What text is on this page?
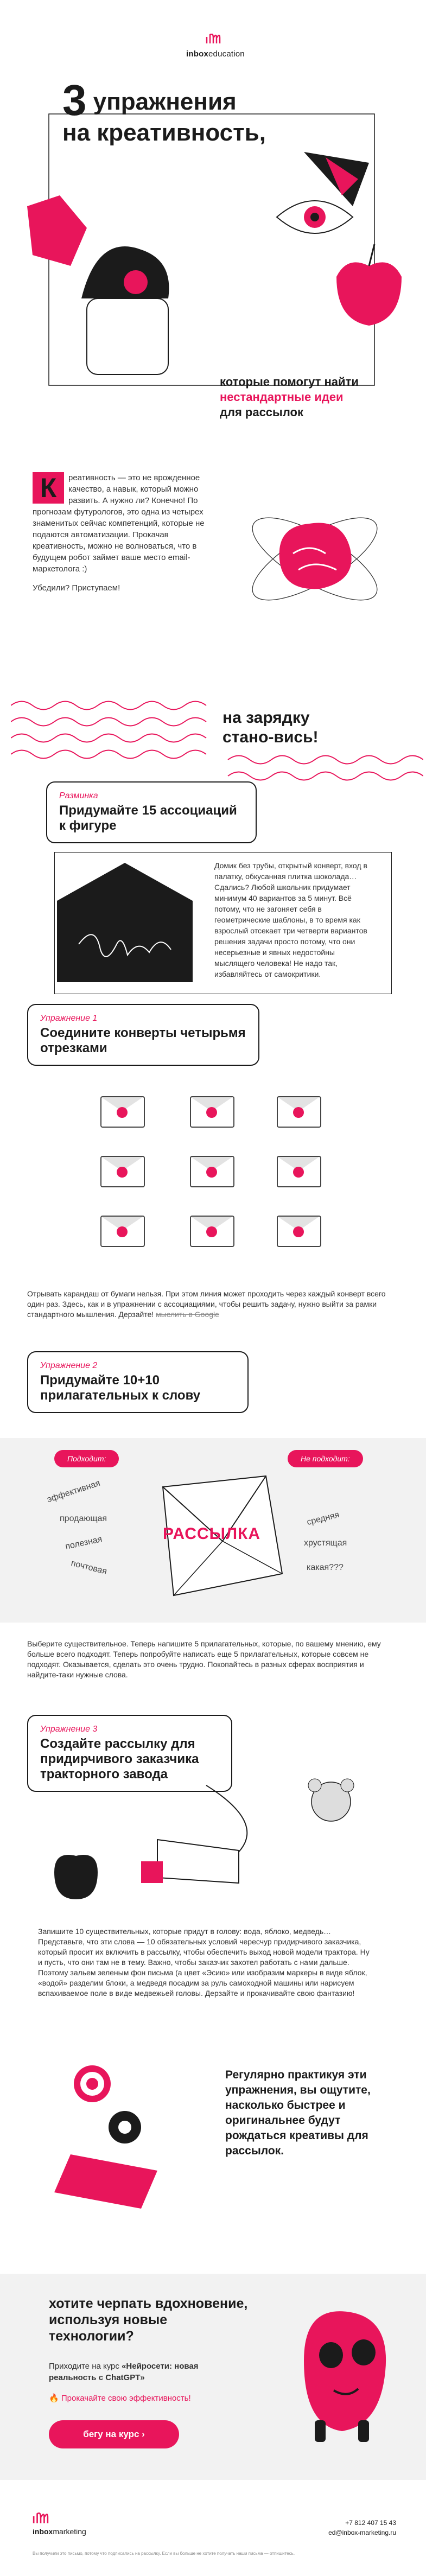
inboxeducation
3 упражнения
на креативность,
которые помогут найти
нестандартные идеи
для рассылок
К	реативность — это не врожденное качество, а навык, который можно развить. А нужно ли? Конечно! По прогнозам футурологов, это одна из четырех знаменитых сейчас компетенций, которые не подаются автоматизации. Прокачав креативность, можно не волноваться, что в будущем робот займет ваше место email-маркетолога :)
Убедили? Приступаем!
на зарядку
стано-вись!
Разминка
Придумайте 15 ассоциаций к фигуре
Домик без трубы, открытый конверт, вход в палатку, обкусанная плитка шоколада… Сдались? Любой школьник придумает минимум 40 вариантов за 5 минут. Всё потому, что не загоняет себя в геометрические шаблоны, в то время как взрослый отсекает три четверти вариантов решения задачи просто потому, что они несерьезные и явных недостойны мыслящего человека! Не надо так, избавляйтесь от самокритики.
Упражнение 1
Соедините конверты четырьмя отрезками
Отрывать карандаш от бумаги нельзя. При этом линия может проходить через каждый конверт всего один раз. Здесь, как и в упражнении с ассоциациями, чтобы решить задачу, нужно выйти за рамки стандартного мышления. Дерзайте! мыслить в Google
Упражнение 2
Придумайте 10+10 прилагательных к слову
Подходит:	Не подходит:
РАССЫЛКА
эффективная
продающая
полезная
почтовая
средняя
хрустящая
какая???
Выберите существительное. Теперь напишите 5 прилагательных, которые, по вашему мнению, ему больше всего подходят. Теперь попробуйте написать еще 5 прилагательных, которые совсем не подходят. Оказывается, сделать это очень трудно. Покопайтесь в разных сферах восприятия и найдите-таки нужные слова.
Упражнение 3
Создайте рассылку для придирчивого заказчика тракторного завода
Запишите 10 существительных, которые придут в голову: вода, яблоко, медведь… Представьте, что эти слова — 10 обязательных условий чересчур придирчивого заказчика, который просит их включить в рассылку, чтобы обеспечить выход новой модели трактора. Ну и пусть, что они там не в тему. Важно, чтобы заказчик захотел работать с нами дальше. Поэтому зальем зеленым фон письма (а цвет «Эсию» или изобразим маркеры в виде яблок, «водой» разделим блоки, а медведя посадим за руль самоходной машины или нарисуем вспахиваемое поле в виде медвежьей головы. Дерзайте и прокачивайте свою фантазию!
Регулярно практикуя эти упражнения, вы ощутите, насколько быстрее и оригинальнее будут рождаться креативы для рассылок.
хотите черпать вдохновение, используя новые технологии?
Приходите на курс «Нейросети: новая реальность с ChatGPT»
🔥 Прокачайте свою эффективность!
бегу на курс ›
inboxmarketing
+7 812 407 15 43
ed@inbox-marketing.ru
Вы получили это письмо, потому что подписались на рассылку. Если вы больше не хотите получать наши письма — отпишитесь.
